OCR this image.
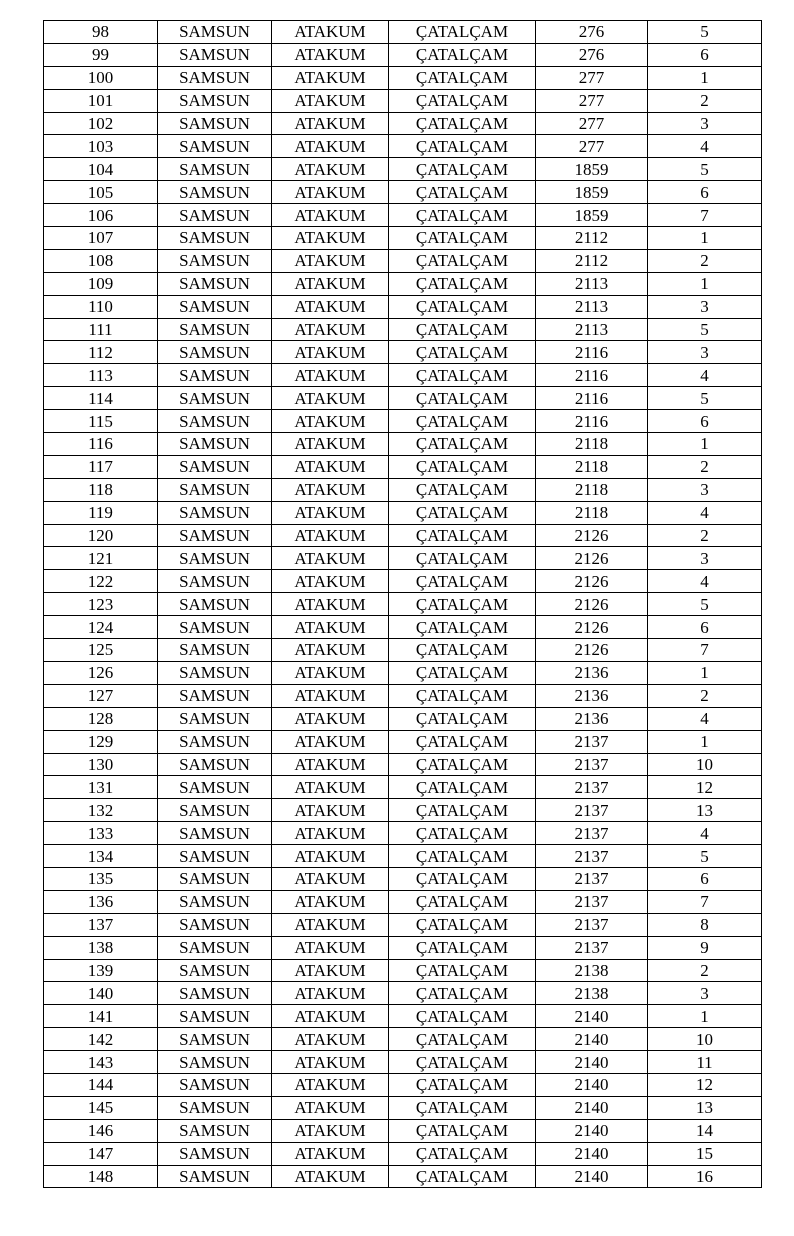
98	SAMSUN	ATAKUM	ÇATALÇAM	276	5
99	SAMSUN	ATAKUM	ÇATALÇAM	276	6
100	SAMSUN	ATAKUM	ÇATALÇAM	277	1
101	SAMSUN	ATAKUM	ÇATALÇAM	277	2
102	SAMSUN	ATAKUM	ÇATALÇAM	277	3
103	SAMSUN	ATAKUM	ÇATALÇAM	277	4
104	SAMSUN	ATAKUM	ÇATALÇAM	1859	5
105	SAMSUN	ATAKUM	ÇATALÇAM	1859	6
106	SAMSUN	ATAKUM	ÇATALÇAM	1859	7
107	SAMSUN	ATAKUM	ÇATALÇAM	2112	1
108	SAMSUN	ATAKUM	ÇATALÇAM	2112	2
109	SAMSUN	ATAKUM	ÇATALÇAM	2113	1
110	SAMSUN	ATAKUM	ÇATALÇAM	2113	3
111	SAMSUN	ATAKUM	ÇATALÇAM	2113	5
112	SAMSUN	ATAKUM	ÇATALÇAM	2116	3
113	SAMSUN	ATAKUM	ÇATALÇAM	2116	4
114	SAMSUN	ATAKUM	ÇATALÇAM	2116	5
115	SAMSUN	ATAKUM	ÇATALÇAM	2116	6
116	SAMSUN	ATAKUM	ÇATALÇAM	2118	1
117	SAMSUN	ATAKUM	ÇATALÇAM	2118	2
118	SAMSUN	ATAKUM	ÇATALÇAM	2118	3
119	SAMSUN	ATAKUM	ÇATALÇAM	2118	4
120	SAMSUN	ATAKUM	ÇATALÇAM	2126	2
121	SAMSUN	ATAKUM	ÇATALÇAM	2126	3
122	SAMSUN	ATAKUM	ÇATALÇAM	2126	4
123	SAMSUN	ATAKUM	ÇATALÇAM	2126	5
124	SAMSUN	ATAKUM	ÇATALÇAM	2126	6
125	SAMSUN	ATAKUM	ÇATALÇAM	2126	7
126	SAMSUN	ATAKUM	ÇATALÇAM	2136	1
127	SAMSUN	ATAKUM	ÇATALÇAM	2136	2
128	SAMSUN	ATAKUM	ÇATALÇAM	2136	4
129	SAMSUN	ATAKUM	ÇATALÇAM	2137	1
130	SAMSUN	ATAKUM	ÇATALÇAM	2137	10
131	SAMSUN	ATAKUM	ÇATALÇAM	2137	12
132	SAMSUN	ATAKUM	ÇATALÇAM	2137	13
133	SAMSUN	ATAKUM	ÇATALÇAM	2137	4
134	SAMSUN	ATAKUM	ÇATALÇAM	2137	5
135	SAMSUN	ATAKUM	ÇATALÇAM	2137	6
136	SAMSUN	ATAKUM	ÇATALÇAM	2137	7
137	SAMSUN	ATAKUM	ÇATALÇAM	2137	8
138	SAMSUN	ATAKUM	ÇATALÇAM	2137	9
139	SAMSUN	ATAKUM	ÇATALÇAM	2138	2
140	SAMSUN	ATAKUM	ÇATALÇAM	2138	3
141	SAMSUN	ATAKUM	ÇATALÇAM	2140	1
142	SAMSUN	ATAKUM	ÇATALÇAM	2140	10
143	SAMSUN	ATAKUM	ÇATALÇAM	2140	11
144	SAMSUN	ATAKUM	ÇATALÇAM	2140	12
145	SAMSUN	ATAKUM	ÇATALÇAM	2140	13
146	SAMSUN	ATAKUM	ÇATALÇAM	2140	14
147	SAMSUN	ATAKUM	ÇATALÇAM	2140	15
148	SAMSUN	ATAKUM	ÇATALÇAM	2140	16
